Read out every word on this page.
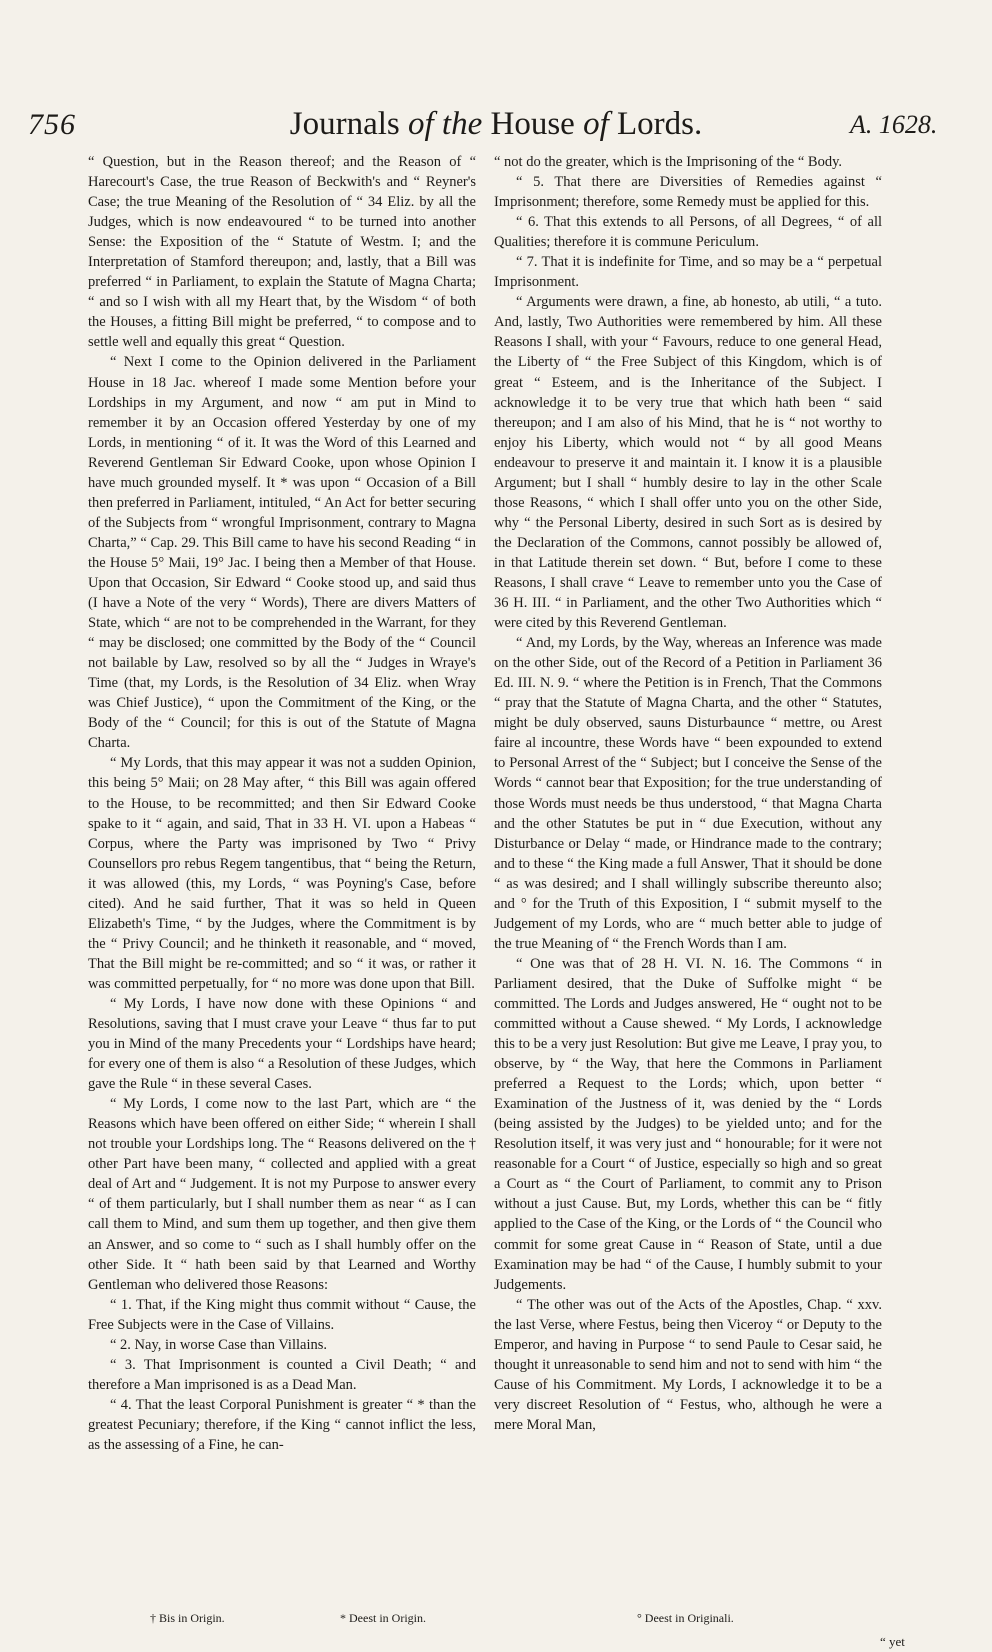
756	Journals of the House of Lords.	A. 1628.

“ Question, but in the Reason thereof; and the Reason of “ Harecourt's Case, the true Reason of Beckwith's and “ Reyner's Case; the true Meaning of the Resolution of “ 34 Eliz. by all the Judges, which is now endeavoured “ to be turned into another Sense: the Exposition of the “ Statute of Westm. I; and the Interpretation of Stamford thereupon; and, lastly, that a Bill was preferred “ in Parliament, to explain the Statute of Magna Charta; “ and so I wish with all my Heart that, by the Wisdom “ of both the Houses, a fitting Bill might be preferred, “ to compose and to settle well and equally this great “ Question.

“ Next I come to the Opinion delivered in the Parliament House in 18 Jac. whereof I made some Mention before your Lordships in my Argument, and now “ am put in Mind to remember it by an Occasion offered Yesterday by one of my Lords, in mentioning “ of it. It was the Word of this Learned and Reverend Gentleman Sir Edward Cooke, upon whose Opinion I have much grounded myself. It * was upon “ Occasion of a Bill then preferred in Parliament, intituled, “ An Act for better securing of the Subjects from “ wrongful Imprisonment, contrary to Magna Charta,” “ Cap. 29. This Bill came to have his second Reading “ in the House 5° Maii, 19° Jac. I being then a Member of that House. Upon that Occasion, Sir Edward “ Cooke stood up, and said thus (I have a Note of the very “ Words), There are divers Matters of State, which “ are not to be comprehended in the Warrant, for they “ may be disclosed; one committed by the Body of the “ Council not bailable by Law, resolved so by all the “ Judges in Wraye's Time (that, my Lords, is the Resolution of 34 Eliz. when Wray was Chief Justice), “ upon the Commitment of the King, or the Body of the “ Council; for this is out of the Statute of Magna Charta.

“ My Lords, that this may appear it was not a sudden Opinion, this being 5° Maii; on 28 May after, “ this Bill was again offered to the House, to be recommitted; and then Sir Edward Cooke spake to it “ again, and said, That in 33 H. VI. upon a Habeas “ Corpus, where the Party was imprisoned by Two “ Privy Counsellors pro rebus Regem tangentibus, that “ being the Return, it was allowed (this, my Lords, “ was Poyning's Case, before cited). And he said further, That it was so held in Queen Elizabeth's Time, “ by the Judges, where the Commitment is by the “ Privy Council; and he thinketh it reasonable, and “ moved, That the Bill might be re-committed; and so “ it was, or rather it was committed perpetually, for “ no more was done upon that Bill.

“ My Lords, I have now done with these Opinions “ and Resolutions, saving that I must crave your Leave “ thus far to put you in Mind of the many Precedents your “ Lordships have heard; for every one of them is also “ a Resolution of these Judges, which gave the Rule “ in these several Cases.

“ My Lords, I come now to the last Part, which are “ the Reasons which have been offered on either Side; “ wherein I shall not trouble your Lordships long. The “ Reasons delivered on the † other Part have been many, “ collected and applied with a great deal of Art and “ Judgement. It is not my Purpose to answer every “ of them particularly, but I shall number them as near “ as I can call them to Mind, and sum them up together, and then give them an Answer, and so come to “ such as I shall humbly offer on the other Side. It “ hath been said by that Learned and Worthy Gentleman who delivered those Reasons:

“ 1. That, if the King might thus commit without “ Cause, the Free Subjects were in the Case of Villains.

“ 2. Nay, in worse Case than Villains.

“ 3. That Imprisonment is counted a Civil Death; “ and therefore a Man imprisoned is as a Dead Man.

“ 4. That the least Corporal Punishment is greater “ * than the greatest Pecuniary; therefore, if the King “ cannot inflict the less, as the assessing of a Fine, he can-

“ not do the greater, which is the Imprisoning of the “ Body.

“ 5. That there are Diversities of Remedies against “ Imprisonment; therefore, some Remedy must be applied for this.

“ 6. That this extends to all Persons, of all Degrees, “ of all Qualities; therefore it is commune Periculum.

“ 7. That it is indefinite for Time, and so may be a “ perpetual Imprisonment.

“ Arguments were drawn, a fine, ab honesto, ab utili, “ a tuto. And, lastly, Two Authorities were remembered by him. All these Reasons I shall, with your “ Favours, reduce to one general Head, the Liberty of “ the Free Subject of this Kingdom, which is of great “ Esteem, and is the Inheritance of the Subject. I acknowledge it to be very true that which hath been “ said thereupon; and I am also of his Mind, that he is “ not worthy to enjoy his Liberty, which would not “ by all good Means endeavour to preserve it and maintain it. I know it is a plausible Argument; but I shall “ humbly desire to lay in the other Scale those Reasons, “ which I shall offer unto you on the other Side, why “ the Personal Liberty, desired in such Sort as is desired by the Declaration of the Commons, cannot possibly be allowed of, in that Latitude therein set down. “ But, before I come to these Reasons, I shall crave “ Leave to remember unto you the Case of 36 H. III. “ in Parliament, and the other Two Authorities which “ were cited by this Reverend Gentleman.

“ And, my Lords, by the Way, whereas an Inference was made on the other Side, out of the Record of a Petition in Parliament 36 Ed. III. N. 9. “ where the Petition is in French, That the Commons “ pray that the Statute of Magna Charta, and the other “ Statutes, might be duly observed, sauns Disturbaunce “ mettre, ou Arest faire al incountre, these Words have “ been expounded to extend to Personal Arrest of the “ Subject; but I conceive the Sense of the Words “ cannot bear that Exposition; for the true understanding of those Words must needs be thus understood, “ that Magna Charta and the other Statutes be put in “ due Execution, without any Disturbance or Delay “ made, or Hindrance made to the contrary; and to these “ the King made a full Answer, That it should be done “ as was desired; and I shall willingly subscribe thereunto also; and ° for the Truth of this Exposition, I “ submit myself to the Judgement of my Lords, who are “ much better able to judge of the true Meaning of “ the French Words than I am.

“ One was that of 28 H. VI. N. 16. The Commons “ in Parliament desired, that the Duke of Suffolke might “ be committed. The Lords and Judges answered, He “ ought not to be committed without a Cause shewed. “ My Lords, I acknowledge this to be a very just Resolution: But give me Leave, I pray you, to observe, by “ the Way, that here the Commons in Parliament preferred a Request to the Lords; which, upon better “ Examination of the Justness of it, was denied by the “ Lords (being assisted by the Judges) to be yielded unto; and for the Resolution itself, it was very just and “ honourable; for it were not reasonable for a Court “ of Justice, especially so high and so great a Court as “ the Court of Parliament, to commit any to Prison without a just Cause. But, my Lords, whether this can be “ fitly applied to the Case of the King, or the Lords of “ the Council who commit for some great Cause in “ Reason of State, until a due Examination may be had “ of the Cause, I humbly submit to your Judgements.

“ The other was out of the Acts of the Apostles, Chap. “ xxv. the last Verse, where Festus, being then Viceroy “ or Deputy to the Emperor, and having in Purpose “ to send Paule to Cesar said, he thought it unreasonable to send him and not to send with him “ the Cause of his Commitment. My Lords, I acknowledge it to be a very discreet Resolution of “ Festus, who, although he were a mere Moral Man,

† Bis in Origin.	* Deest in Origin.	° Deest in Originali.
“ yet
